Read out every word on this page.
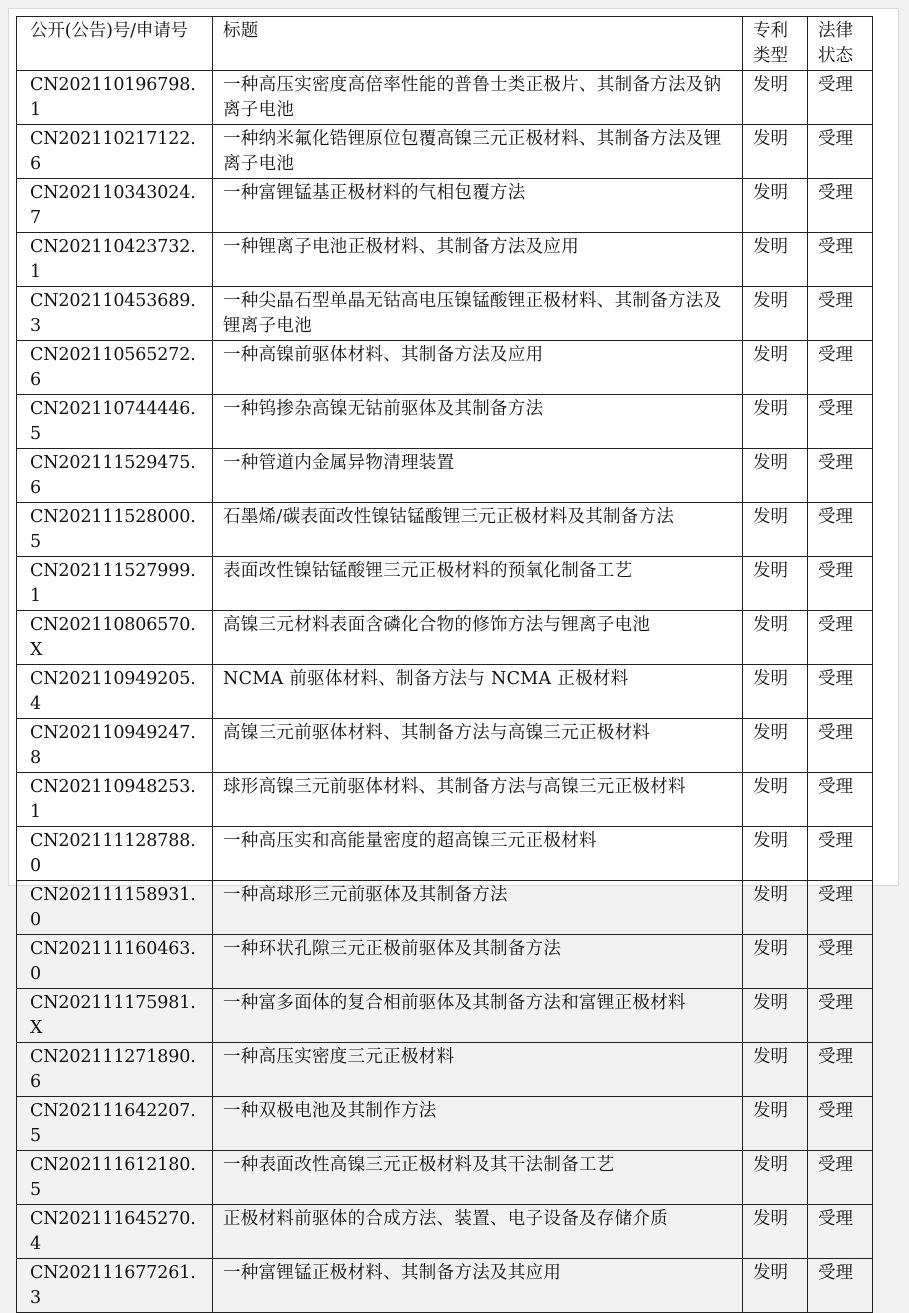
公开(公告)号/申请号	标题	专利类型	法律状态
CN202110196798.1	一种高压实密度高倍率性能的普鲁士类正极片、其制备方法及钠离子电池	发明	受理
CN202110217122.6	一种纳米氟化锆锂原位包覆高镍三元正极材料、其制备方法及锂离子电池	发明	受理
CN202110343024.7	一种富锂锰基正极材料的气相包覆方法	发明	受理
CN202110423732.1	一种锂离子电池正极材料、其制备方法及应用	发明	受理
CN202110453689.3	一种尖晶石型单晶无钴高电压镍锰酸锂正极材料、其制备方法及锂离子电池	发明	受理
CN202110565272.6	一种高镍前驱体材料、其制备方法及应用	发明	受理
CN202110744446.5	一种钨掺杂高镍无钴前驱体及其制备方法	发明	受理
CN202111529475.6	一种管道内金属异物清理装置	发明	受理
CN202111528000.5	石墨烯/碳表面改性镍钴锰酸锂三元正极材料及其制备方法	发明	受理
CN202111527999.1	表面改性镍钴锰酸锂三元正极材料的预氧化制备工艺	发明	受理
CN202110806570.X	高镍三元材料表面含磷化合物的修饰方法与锂离子电池	发明	受理
CN202110949205.4	NCMA 前驱体材料、制备方法与 NCMA 正极材料	发明	受理
CN202110949247.8	高镍三元前驱体材料、其制备方法与高镍三元正极材料	发明	受理
CN202110948253.1	球形高镍三元前驱体材料、其制备方法与高镍三元正极材料	发明	受理
CN202111128788.0	一种高压实和高能量密度的超高镍三元正极材料	发明	受理
CN202111158931.0	一种高球形三元前驱体及其制备方法	发明	受理
CN202111160463.0	一种环状孔隙三元正极前驱体及其制备方法	发明	受理
CN202111175981.X	一种富多面体的复合相前驱体及其制备方法和富锂正极材料	发明	受理
CN202111271890.6	一种高压实密度三元正极材料	发明	受理
CN202111642207.5	一种双极电池及其制作方法	发明	受理
CN202111612180.5	一种表面改性高镍三元正极材料及其干法制备工艺	发明	受理
CN202111645270.4	正极材料前驱体的合成方法、装置、电子设备及存储介质	发明	受理
CN202111677261.3	一种富锂锰正极材料、其制备方法及其应用	发明	受理
